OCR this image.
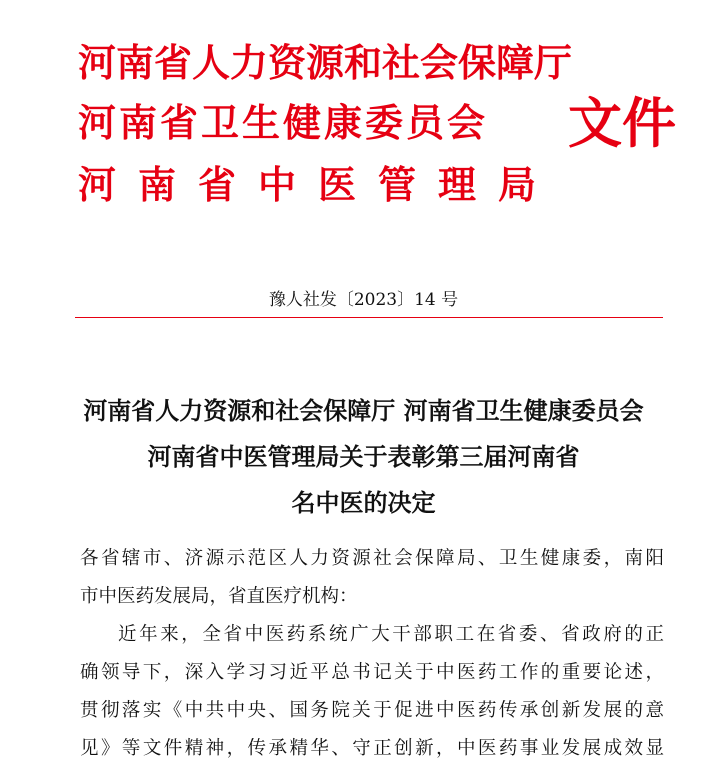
河南省人力资源和社会保障厅
河南省卫生健康委员会
河南省中医管理局
文件
豫人社发〔2023〕14 号
河南省人力资源和社会保障厅 河南省卫生健康委员会
河南省中医管理局关于表彰第三届河南省
名中医的决定
各省辖市、济源示范区人力资源社会保障局、卫生健康委，南阳
市中医药发展局，省直医疗机构：
近年来，全省中医药系统广大干部职工在省委、省政府的正
确领导下，深入学习习近平总书记关于中医药工作的重要论述，
贯彻落实《中共中央、国务院关于促进中医药传承创新发展的意
见》等文件精神，传承精华、守正创新，中医药事业发展成效显
